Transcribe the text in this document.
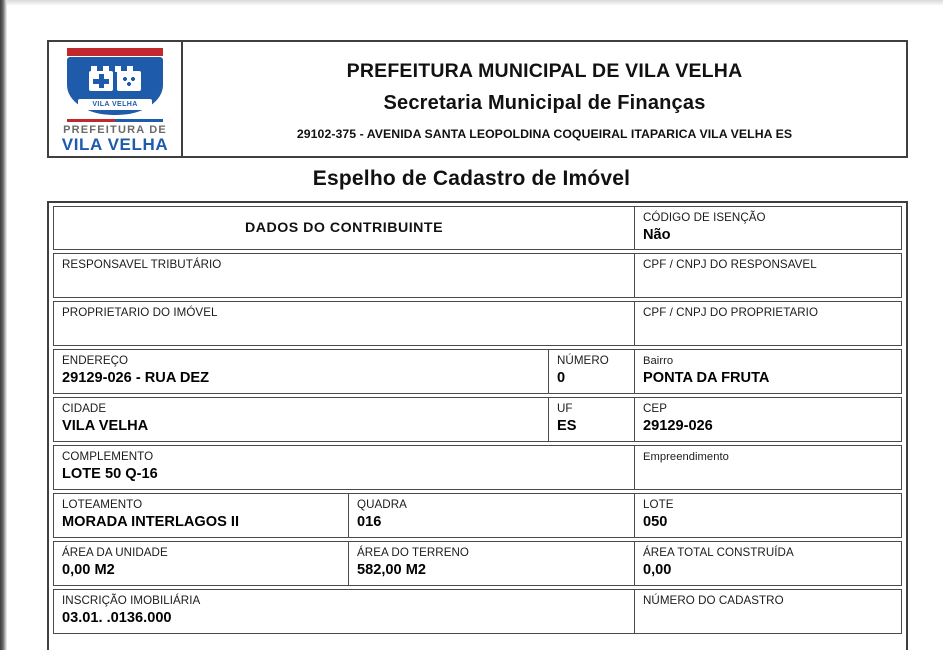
VILA VELHA
PREFEITURA DE
VILA VELHA
PREFEITURA MUNICIPAL DE VILA VELHA
Secretaria Municipal de Finanças
29102-375 - AVENIDA SANTA LEOPOLDINA COQUEIRAL ITAPARICA VILA VELHA ES
Espelho de Cadastro de Imóvel
DADOS DO CONTRIBUINTE
CÓDIGO DE ISENÇÃO
Não
RESPONSAVEL TRIBUTÁRIO	CPF / CNPJ DO RESPONSAVEL
PROPRIETARIO DO IMÓVEL	CPF / CNPJ DO PROPRIETARIO
ENDEREÇO
29129-026 - RUA DEZ
NÚMERO
0
Bairro
PONTA DA FRUTA
CIDADE
VILA VELHA
UF
ES
CEP
29129-026
COMPLEMENTO
LOTE 50 Q-16
Empreendimento
LOTEAMENTO
MORADA INTERLAGOS II
QUADRA
016
LOTE
050
ÁREA DA UNIDADE
0,00 M2
ÁREA DO TERRENO
582,00 M2
ÁREA TOTAL CONSTRUÍDA
0,00
INSCRIÇÃO IMOBILIÁRIA
03.01. .0136.000
NÚMERO DO CADASTRO
